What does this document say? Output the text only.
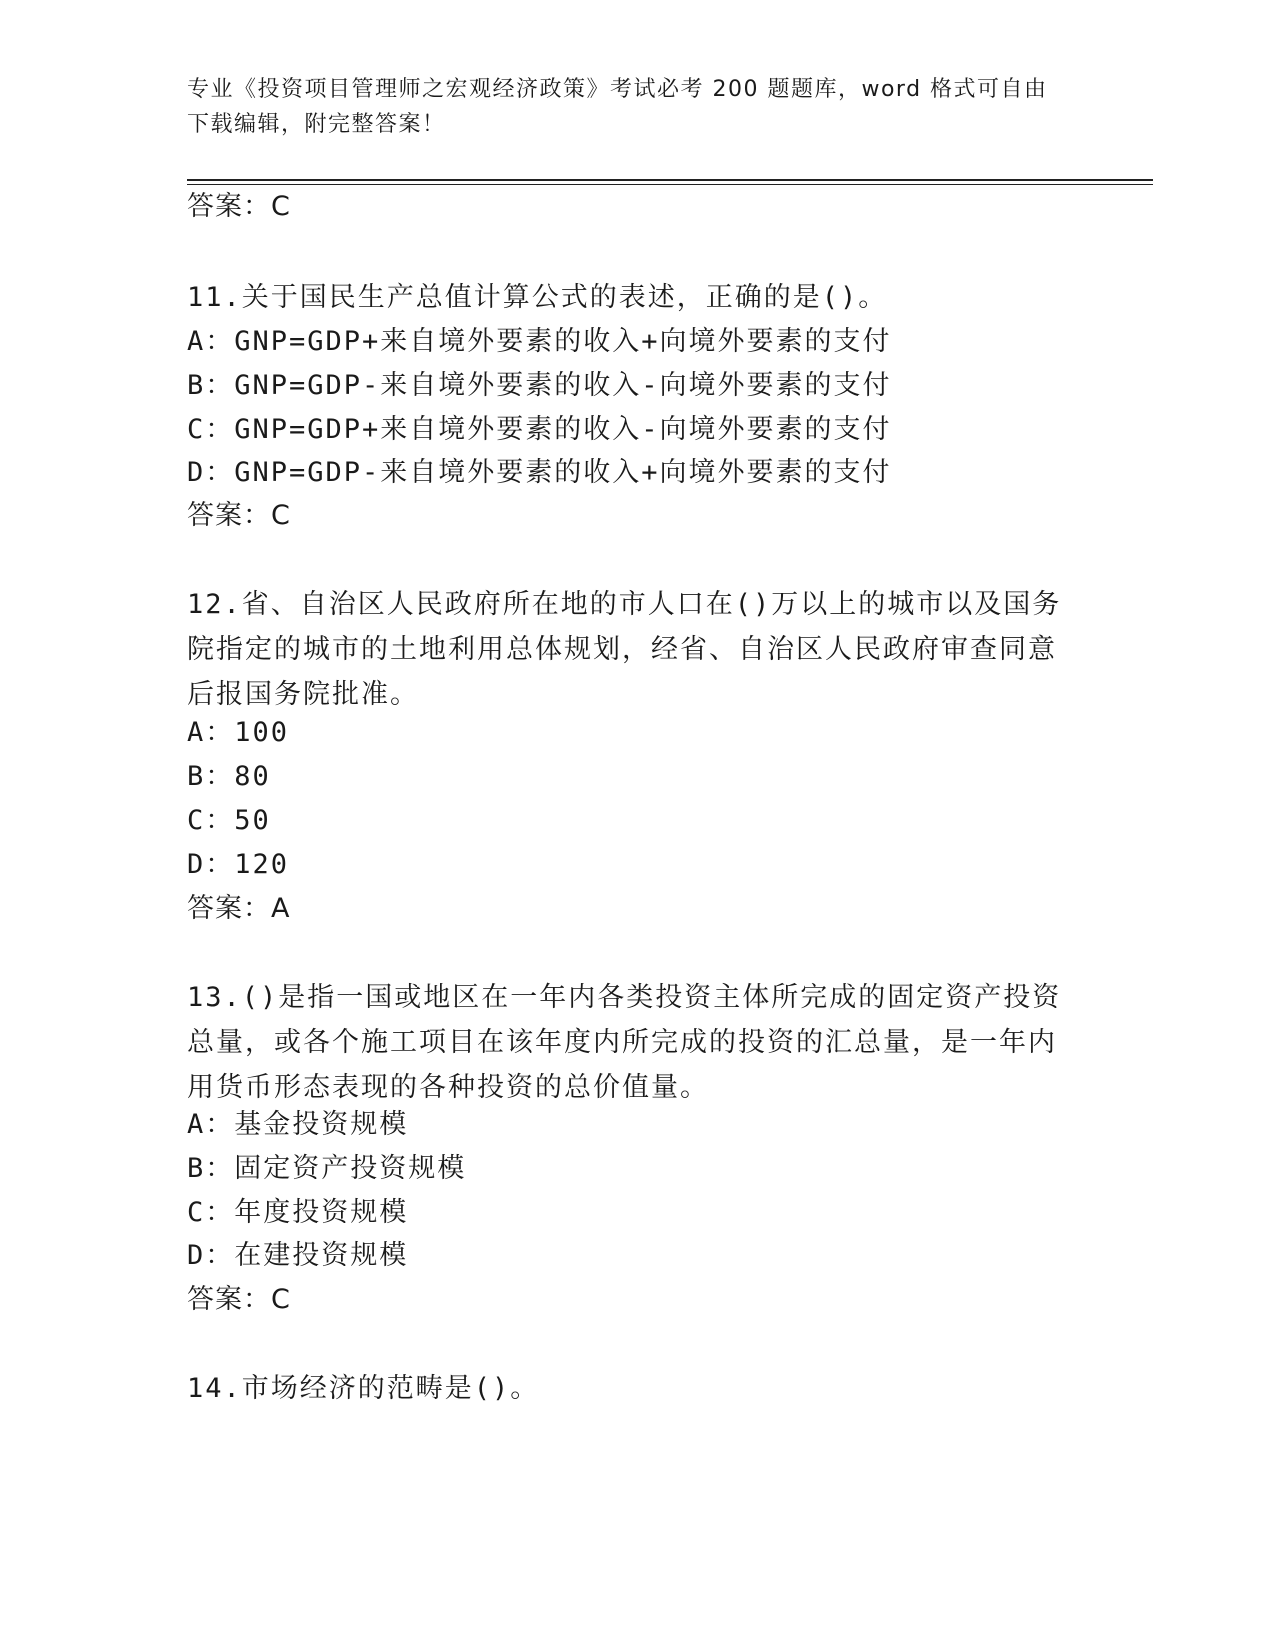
专业《投资项目管理师之宏观经济政策》考试必考 200 题题库，word 格式可自由下载编辑，附完整答案！
答案：C
11.关于国民生产总值计算公式的表述，正确的是()。
A：GNP=GDP+来自境外要素的收入+向境外要素的支付
B：GNP=GDP-来自境外要素的收入-向境外要素的支付
C：GNP=GDP+来自境外要素的收入-向境外要素的支付
D：GNP=GDP-来自境外要素的收入+向境外要素的支付
答案：C
12.省、自治区人民政府所在地的市人口在()万以上的城市以及国务院指定的城市的土地利用总体规划，经省、自治区人民政府审查同意后报国务院批准。
A：100
B：80
C：50
D：120
答案：A
13.()是指一国或地区在一年内各类投资主体所完成的固定资产投资总量，或各个施工项目在该年度内所完成的投资的汇总量，是一年内用货币形态表现的各种投资的总价值量。
A：基金投资规模
B：固定资产投资规模
C：年度投资规模
D：在建投资规模
答案：C
14.市场经济的范畴是()。
